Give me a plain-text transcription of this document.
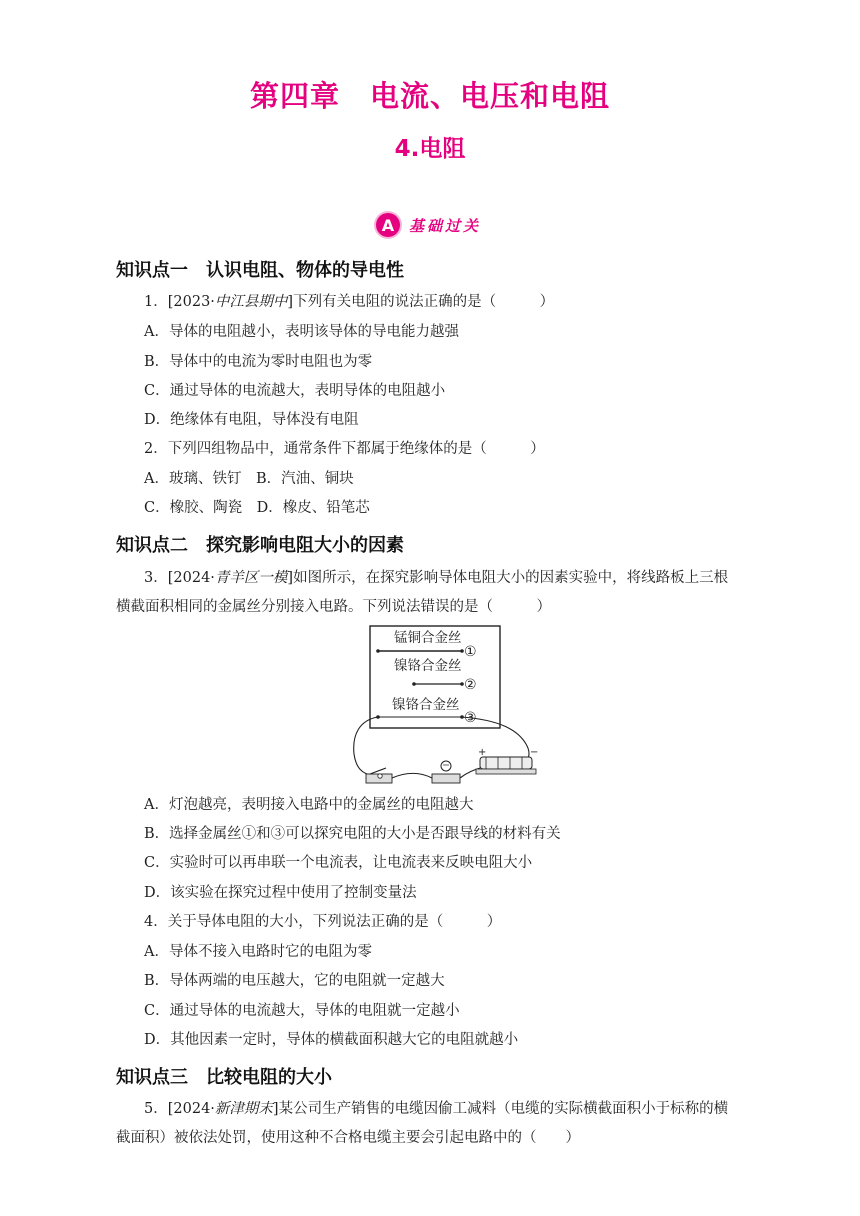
第四章　电流、电压和电阻
4.电阻
A 基础过关
知识点一　认识电阻、物体的导电性
1．[2023·中江县期中]下列有关电阻的说法正确的是（　　　）
A．导体的电阻越小，表明该导体的导电能力越强
B．导体中的电流为零时电阻也为零
C．通过导体的电流越大，表明导体的电阻越小
D．绝缘体有电阻，导体没有电阻
2．下列四组物品中，通常条件下都属于绝缘体的是（　　　）
A．玻璃、铁钉　B．汽油、铜块
C．橡胶、陶瓷　D．橡皮、铅笔芯
知识点二　探究影响电阻大小的因素
3．[2024·青羊区一模]如图所示，在探究影响导体电阻大小的因素实验中，将线路板上三根
横截面积相同的金属丝分别接入电路。下列说法错误的是（　　　）
锰铜合金丝
①
镍铬合金丝
②
镍铬合金丝
③
+	−
A．灯泡越亮，表明接入电路中的金属丝的电阻越大
B．选择金属丝①和③可以探究电阻的大小是否跟导线的材料有关
C．实验时可以再串联一个电流表，让电流表来反映电阻大小
D．该实验在探究过程中使用了控制变量法
4．关于导体电阻的大小，下列说法正确的是（　　　）
A．导体不接入电路时它的电阻为零
B．导体两端的电压越大，它的电阻就一定越大
C．通过导体的电流越大，导体的电阻就一定越小
D．其他因素一定时，导体的横截面积越大它的电阻就越小
知识点三　比较电阻的大小
5．[2024·新津期末]某公司生产销售的电缆因偷工减料（电缆的实际横截面积小于标称的横
截面积）被依法处罚，使用这种不合格电缆主要会引起电路中的（　　）
